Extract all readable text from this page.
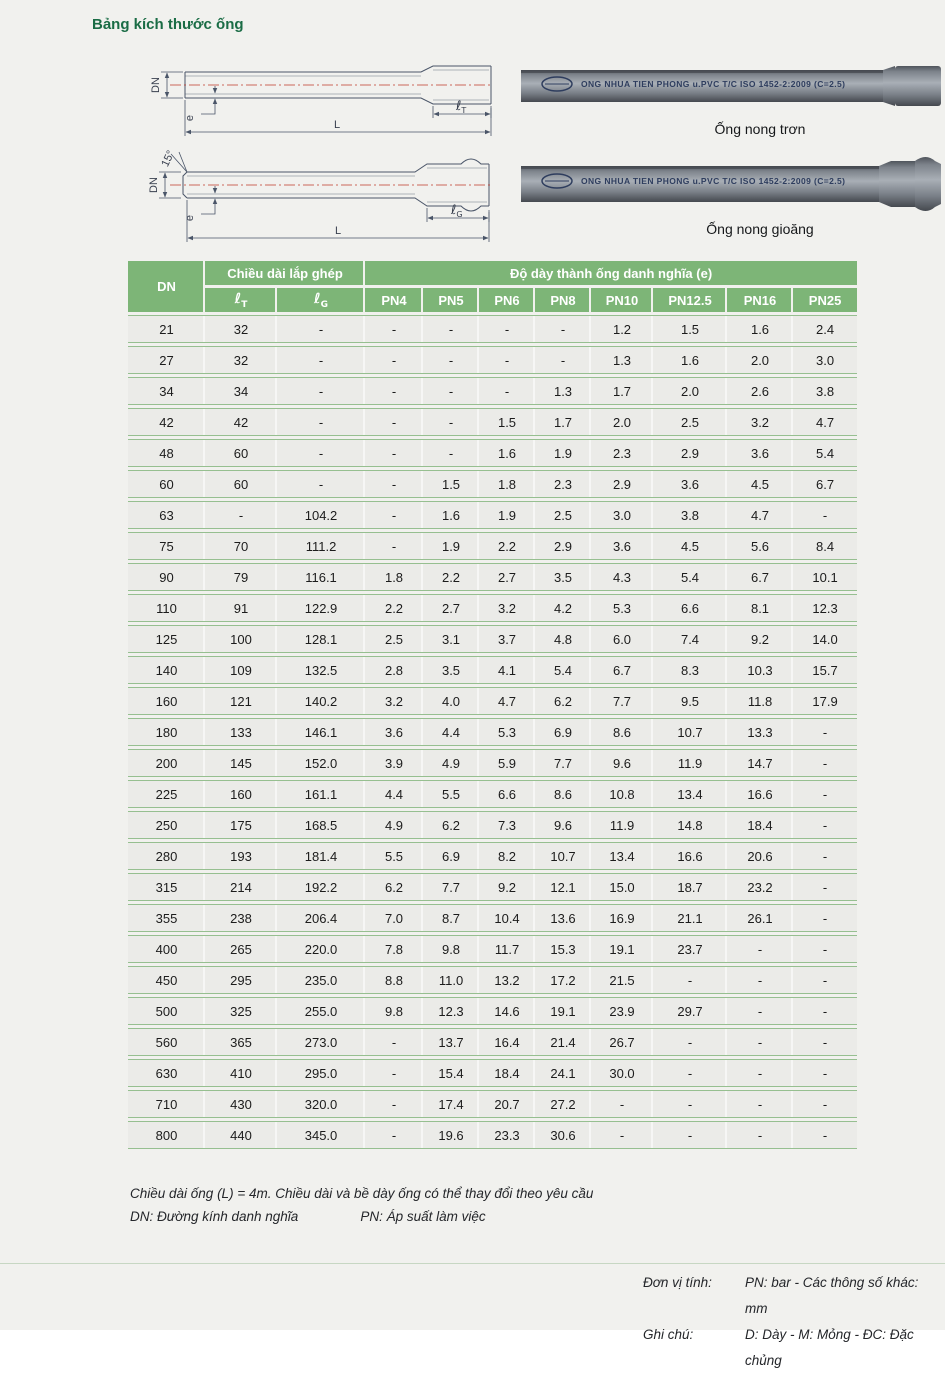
Bảng kích thước ống
DN
e
ℓ$_T$
L
15°
DN
e	ℓ$_G$
L
ONG NHUA TIEN PHONG u.PVC T/C ISO 1452-2:2009 (C=2.5)
Ống nong trơn
ONG NHUA TIEN PHONG u.PVC T/C ISO 1452-2:2009 (C=2.5)
Ống nong gioăng
DN	Chiều dài lắp ghép		Độ dày thành ống danh nghĩa (e)							
	ℓ$_T$	ℓ$_G$	PN4	PN5	PN6	PN8	PN10	PN12.5	PN16	PN25
21	32	-	-	-	-	-	1.2	1.5	1.6	2.4
27	32	-	-	-	-	-	1.3	1.6	2.0	3.0
34	34	-	-	-	-	1.3	1.7	2.0	2.6	3.8
42	42	-	-	-	1.5	1.7	2.0	2.5	3.2	4.7
48	60	-	-	-	1.6	1.9	2.3	2.9	3.6	5.4
60	60	-	-	1.5	1.8	2.3	2.9	3.6	4.5	6.7
63	-	104.2	-	1.6	1.9	2.5	3.0	3.8	4.7	-
75	70	111.2	-	1.9	2.2	2.9	3.6	4.5	5.6	8.4
90	79	116.1	1.8	2.2	2.7	3.5	4.3	5.4	6.7	10.1
110	91	122.9	2.2	2.7	3.2	4.2	5.3	6.6	8.1	12.3
125	100	128.1	2.5	3.1	3.7	4.8	6.0	7.4	9.2	14.0
140	109	132.5	2.8	3.5	4.1	5.4	6.7	8.3	10.3	15.7
160	121	140.2	3.2	4.0	4.7	6.2	7.7	9.5	11.8	17.9
180	133	146.1	3.6	4.4	5.3	6.9	8.6	10.7	13.3	-
200	145	152.0	3.9	4.9	5.9	7.7	9.6	11.9	14.7	-
225	160	161.1	4.4	5.5	6.6	8.6	10.8	13.4	16.6	-
250	175	168.5	4.9	6.2	7.3	9.6	11.9	14.8	18.4	-
280	193	181.4	5.5	6.9	8.2	10.7	13.4	16.6	20.6	-
315	214	192.2	6.2	7.7	9.2	12.1	15.0	18.7	23.2	-
355	238	206.4	7.0	8.7	10.4	13.6	16.9	21.1	26.1	-
400	265	220.0	7.8	9.8	11.7	15.3	19.1	23.7	-	-
450	295	235.0	8.8	11.0	13.2	17.2	21.5	-	-	-
500	325	255.0	9.8	12.3	14.6	19.1	23.9	29.7	-	-
560	365	273.0	-	13.7	16.4	21.4	26.7	-	-	-
630	410	295.0	-	15.4	18.4	24.1	30.0	-	-	-
710	430	320.0	-	17.4	20.7	27.2	-	-	-	-
800	440	345.0	-	19.6	23.3	30.6	-	-	-	-
Chiều dài ống (L) = 4m. Chiều dài và bề dày ống có thể thay đổi theo yêu cầu
DN: Đường kính danh nghĩa	PN: Áp suất làm việc
Đơn vị tính:	PN: bar - Các thông số khác: mm
Ghi chú:	D: Dày - M: Mỏng - ĐC: Đặc chủng
